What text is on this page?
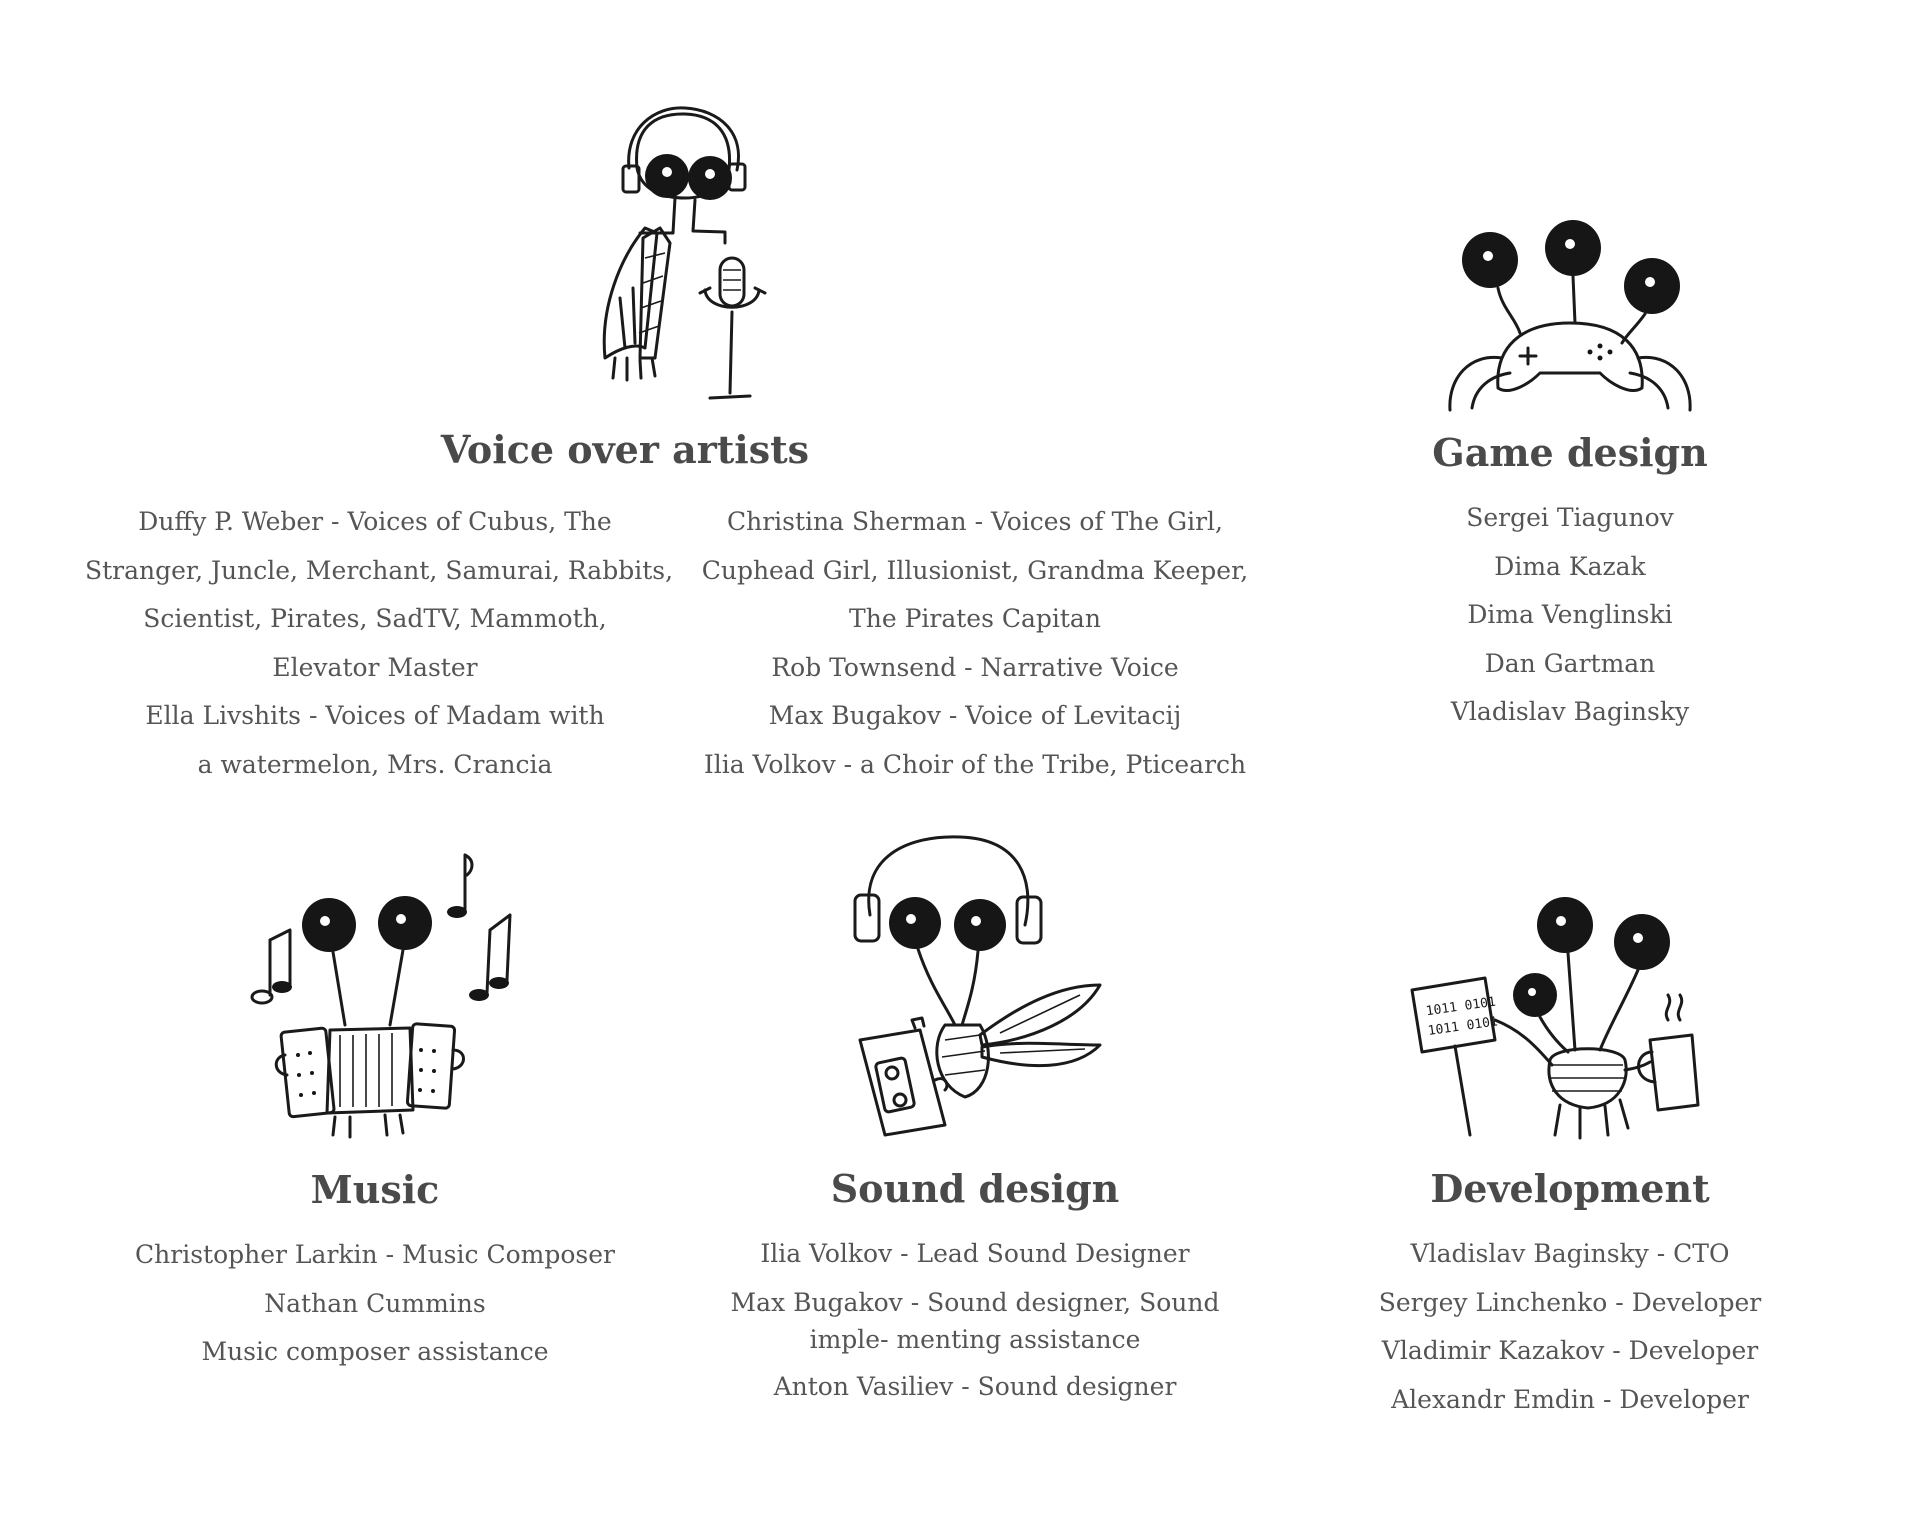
1011 0101
1011 0101
Voice over artists
Duffy P. Weber - Voices of Cubus, The
Stranger, Juncle, Merchant, Samurai, Rabbits,
Scientist, Pirates, SadTV, Mammoth,
Elevator Master
Ella Livshits - Voices of Madam with
a watermelon, Mrs. Crancia
Christina Sherman - Voices of The Girl,
Cuphead Girl, Illusionist, Grandma Keeper,
The Pirates Capitan
Rob Townsend - Narrative Voice
Max Bugakov - Voice of Levitacij
Ilia Volkov - a Choir of the Tribe, Pticearch
Game design
Sergei Tiagunov
Dima Kazak
Dima Venglinski
Dan Gartman
Vladislav Baginsky
Music
Christopher Larkin - Music Composer
Nathan Cummins
Music composer assistance
Sound design
Ilia Volkov - Lead Sound Designer
Max Bugakov - Sound designer, Sound imple- menting assistance
Anton Vasiliev - Sound designer
Development
Vladislav Baginsky - CTO
Sergey Linchenko - Developer
Vladimir Kazakov - Developer
Alexandr Emdin - Developer
